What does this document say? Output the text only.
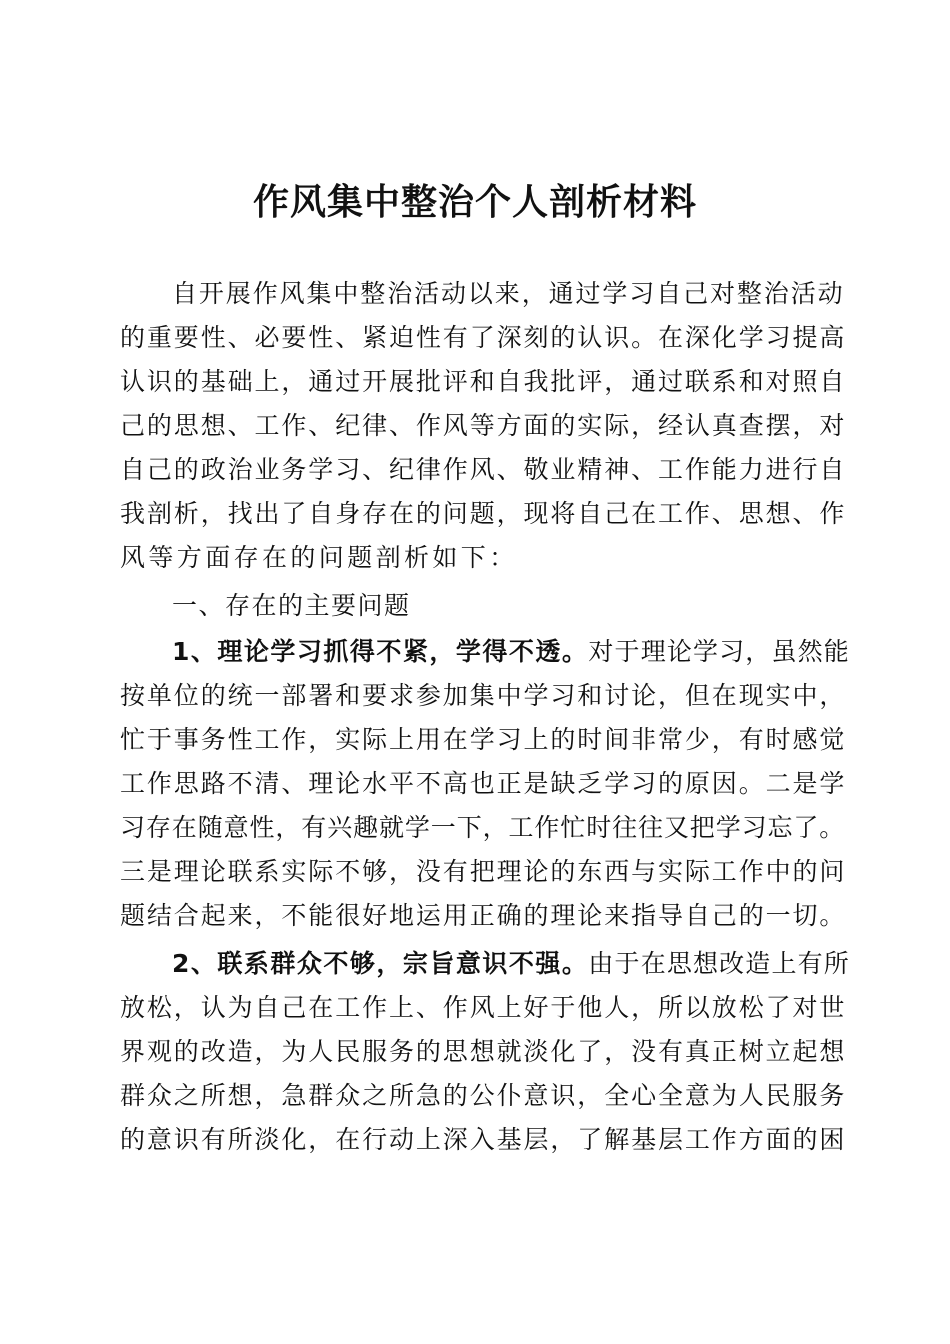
作风集中整治个人剖析材料
自开展作风集中整治活动以来，通过学习自己对整治活动
的重要性、必要性、紧迫性有了深刻的认识。在深化学习提高
认识的基础上，通过开展批评和自我批评，通过联系和对照自
己的思想、工作、纪律、作风等方面的实际，经认真查摆，对
自己的政治业务学习、纪律作风、敬业精神、工作能力进行自
我剖析，找出了自身存在的问题，现将自己在工作、思想、作
风等方面存在的问题剖析如下：
一、存在的主要问题
1、理论学习抓得不紧，学得不透。对于理论学习，虽然能
按单位的统一部署和要求参加集中学习和讨论，但在现实中，
忙于事务性工作，实际上用在学习上的时间非常少，有时感觉
工作思路不清、理论水平不高也正是缺乏学习的原因。二是学
习存在随意性，有兴趣就学一下，工作忙时往往又把学习忘了。
三是理论联系实际不够，没有把理论的东西与实际工作中的问
题结合起来，不能很好地运用正确的理论来指导自己的一切。
2、联系群众不够，宗旨意识不强。由于在思想改造上有所
放松，认为自己在工作上、作风上好于他人，所以放松了对世
界观的改造，为人民服务的思想就淡化了，没有真正树立起想
群众之所想，急群众之所急的公仆意识，全心全意为人民服务
的意识有所淡化，在行动上深入基层，了解基层工作方面的困
